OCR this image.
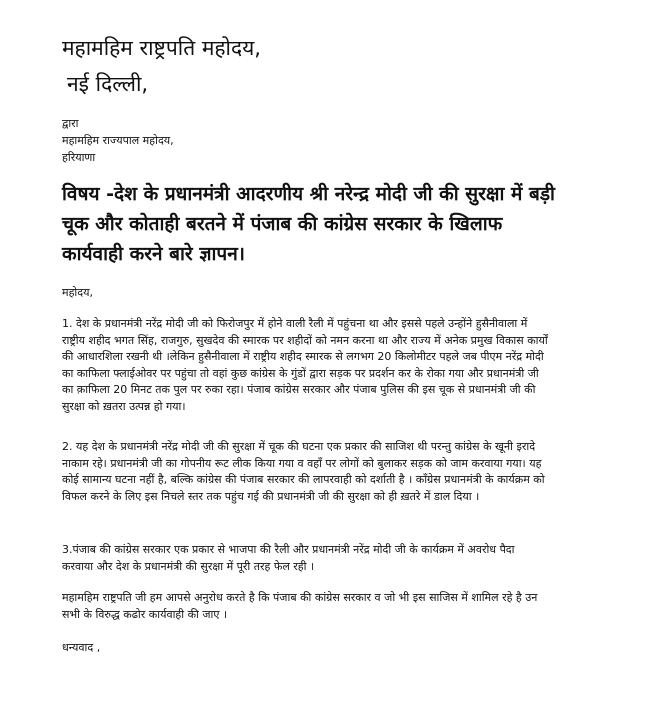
महामहिम राष्ट्रपति महोदय,
नई दिल्ली,
द्वारा
महामहिम राज्यपाल महोदय,
हरियाणा
विषय -देश के प्रधानमंत्री आदरणीय श्री नरेन्द्र मोदी जी की सुरक्षा में बड़ी
चूक और कोताही बरतने में पंजाब की कांग्रेस सरकार के खिलाफ
कार्यवाही करने बारे ज्ञापन।
महोदय,
1. देश के प्रधानमंत्री नरेंद्र मोदी जी को फिरोजपुर में होने वाली रैली में पहुंचना था और इससे पहले उन्होंने हुसैनीवाला में
राष्ट्रीय शहीद भगत सिंह, राजगुरु, सुखदेव की स्मारक पर शहीदों को नमन करना था और राज्य में अनेक प्रमुख विकास कार्यों
की आधारशिला रखनी थी ।लेकिन हुसैनीवाला में राष्ट्रीय शहीद स्मारक से लगभग 20 किलोमीटर पहले जब पीएम नरेंद्र मोदी
का काफिला फ्लाईओवर पर पहुंचा तो वहां कुछ कांग्रेस के गुंडों द्वारा सड़क पर प्रदर्शन कर के रोका गया और प्रधानमंत्री जी
का क़ाफिला 20 मिनट तक पुल पर रुका रहा। पंजाब कांग्रेस सरकार और पंजाब पुलिस की इस चूक से प्रधानमंत्री जी की
सुरक्षा को ख़तरा उत्पन्न हो गया।
2. यह देश के प्रधानमंत्री नरेंद्र मोदी जी की सुरक्षा में चूक की घटना एक प्रकार की साजिश थी परन्तु कांग्रेस के खूनी इरादे
नाकाम रहे। प्रधानमंत्री जी का गोपनीय रूट लीक किया गया व वहाँ पर लोगों को बुलाकर सड़क को जाम करवाया गया। यह
कोई सामान्य घटना नहीं है, बल्कि कांग्रेस की पंजाब सरकार की लापरवाही को दर्शाती है । कॉंग्रेस प्रधानमंत्री के कार्यक्रम को
विफल करने के लिए इस निचले स्तर तक पहुंच गई की प्रधानमंत्री जी की सुरक्षा को ही ख़तरे में डाल दिया ।
3.पंजाब की कांग्रेस सरकार एक प्रकार से भाजपा की रैली और प्रधानमंत्री नरेंद्र मोदी जी के कार्यक्रम में अवरोध पैदा
करवाया और देश के प्रधानमंत्री की सुरक्षा में पूरी तरह फेल रही ।
महामहिम राष्ट्रपति जी हम आपसे अनुरोध करते है कि पंजाब की कांग्रेस सरकार व जो भी इस साजिस में शामिल रहे है उन
सभी के विरुद्ध कढोर कार्यवाही की जाए ।
धन्यवाद ,
